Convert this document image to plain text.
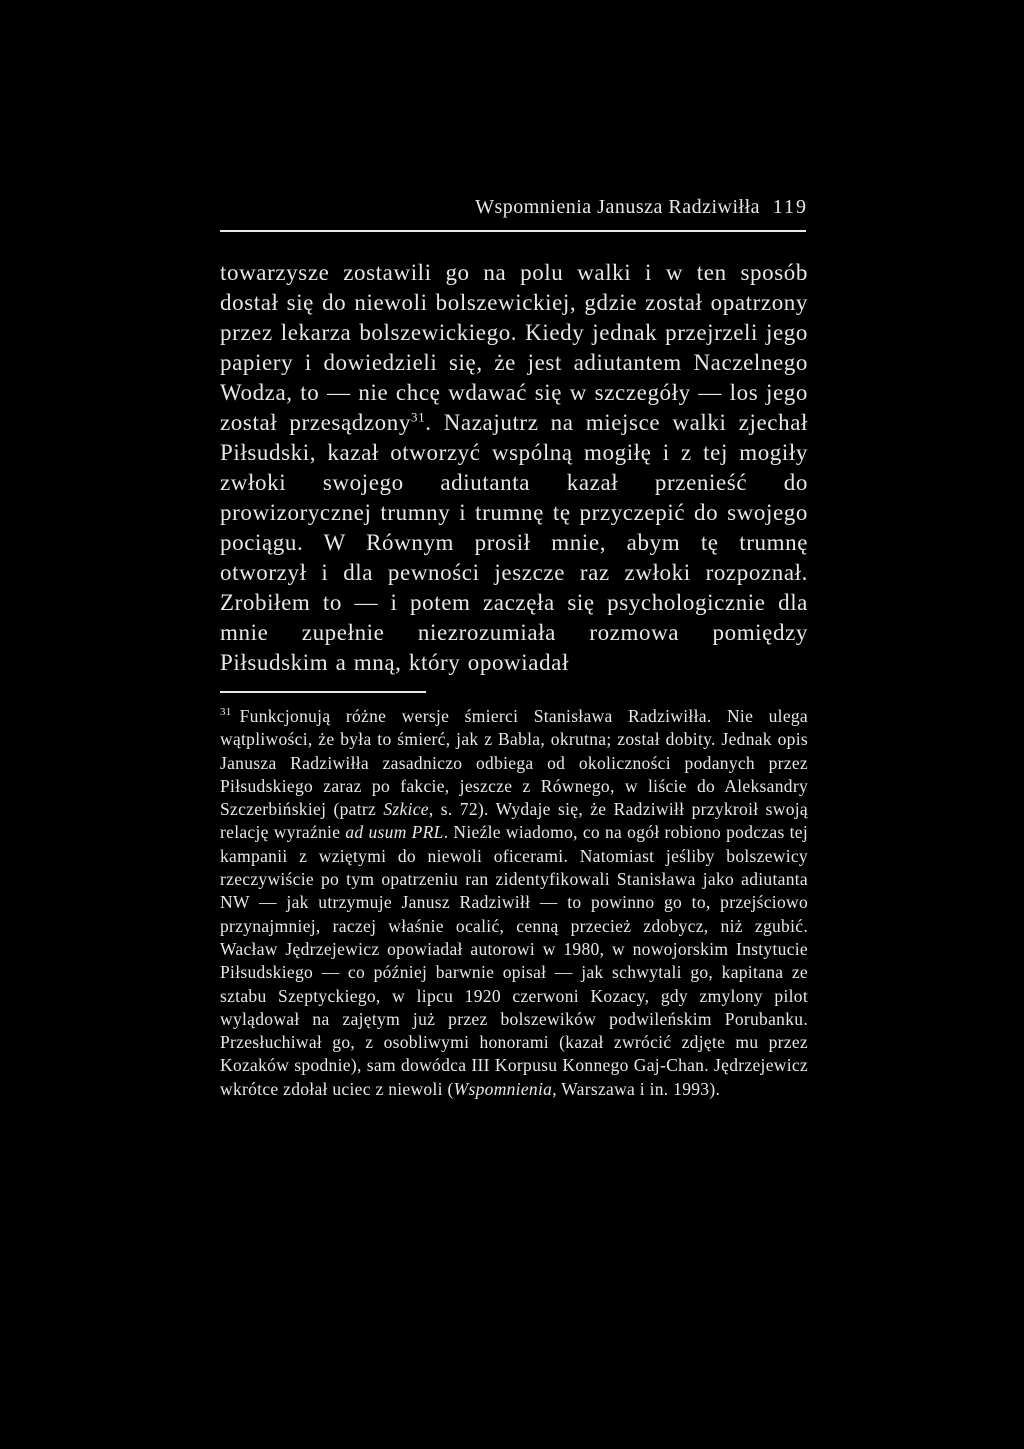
Wspomnienia Janusza Radziwiłła 119

towarzysze zostawili go na polu walki i w ten sposób dostał się do niewoli bolszewickiej, gdzie został opatrzony przez lekarza bolszewickiego. Kiedy jednak przejrzeli jego papiery i dowiedzieli się, że jest adiutantem Naczelnego Wodza, to — nie chcę wdawać się w szczegóły — los jego został przesądzony$^{31}$. Nazajutrz na miejsce walki zjechał Piłsudski, kazał otworzyć wspólną mogiłę i z tej mogiły zwłoki swojego adiutanta kazał przenieść do prowizorycznej trumny i trumnę tę przyczepić do swojego pociągu. W Równym prosił mnie, abym tę trumnę otworzył i dla pewności jeszcze raz zwłoki rozpoznał. Zrobiłem to — i potem zaczęła się psychologicznie dla mnie zupełnie niezrozumiała rozmowa pomiędzy Piłsudskim a mną, który opowiadał

$^{31}$ Funkcjonują różne wersje śmierci Stanisława Radziwiłła. Nie ulega wątpliwości, że była to śmierć, jak z Babla, okrutna; został dobity. Jednak opis Janusza Radziwiłła zasadniczo odbiega od okoliczności podanych przez Piłsudskiego zaraz po fakcie, jeszcze z Równego, w liście do Aleksandry Szczerbińskiej (patrz Szkice, s. 72). Wydaje się, że Radziwiłł przykroił swoją relację wyraźnie ad usum PRL. Nieźle wiadomo, co na ogół robiono podczas tej kampanii z wziętymi do niewoli oficerami. Natomiast jeśliby bolszewicy rzeczywiście po tym opatrzeniu ran zidentyfikowali Stanisława jako adiutanta NW — jak utrzymuje Janusz Radziwiłł — to powinno go to, przejściowo przynajmniej, raczej właśnie ocalić, cenną przecież zdobycz, niż zgubić. Wacław Jędrzejewicz opowiadał autorowi w 1980, w nowojorskim Instytucie Piłsudskiego — co później barwnie opisał — jak schwytali go, kapitana ze sztabu Szeptyckiego, w lipcu 1920 czerwoni Kozacy, gdy zmylony pilot wylądował na zajętym już przez bolszewików podwileńskim Porubanku. Przesłuchiwał go, z osobliwymi honorami (kazał zwrócić zdjęte mu przez Kozaków spodnie), sam dowódca III Korpusu Konnego Gaj-Chan. Jędrzejewicz wkrótce zdołał uciec z niewoli (Wspomnienia, Warszawa i in. 1993).
